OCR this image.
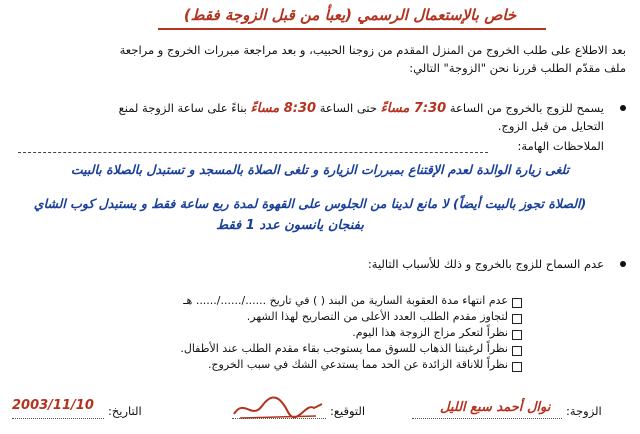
خاص بالإستعمال الرسمي (يعبأ من قبل الزوجة فقط)
بعد الاطلاع على طلب الخروج من المنزل المقدم من زوجنا الحبيب، و بعد مراجعة مبررات الخروج و مراجعة
ملف مقدّم الطلب قررنا نحن "الزوجة" التالي:
يسمح للزوج بالخروج من الساعة 7:30 مساءً حتى الساعة 8:30 مساءً بناءً على ساعة الزوجة لمنع
التحايل من قبل الزوج.
الملاحظات الهامة:
تلغى زيارة الوالدة لعدم الإقتناع بمبررات الزيارة و تلغى الصلاة بالمسجد و تستبدل بالصلاة بالبيت
(الصلاة تجوز بالبيت أيضاً) لا مانع لدينا من الجلوس على القهوة لمدة ربع ساعة فقط و يستبدل كوب الشاي
بفنجان يانسون عدد 1 فقط
عدم السماح للزوج بالخروج و ذلك للأسباب التالية:
عدم انتهاء مدة العقوبة السارية من البند ( ) في تاريخ ....../....../...... هـ
لتجاوز مقدم الطلب العدد الأعلى من التصاريح لهذا الشهر.
نظراً لتعكر مزاج الزوجة هذا اليوم.
نظراً لرغبتنا الذهاب للسوق مما يستوجب بقاء مقدم الطلب عند الأطفال.
نظراً للاناقة الزائدة عن الحد مما يستدعي الشك في سبب الخروج.
الزوجة:
نوال أحمد سبع الليل
التوقيع:
التاريخ:
2003/11/10
